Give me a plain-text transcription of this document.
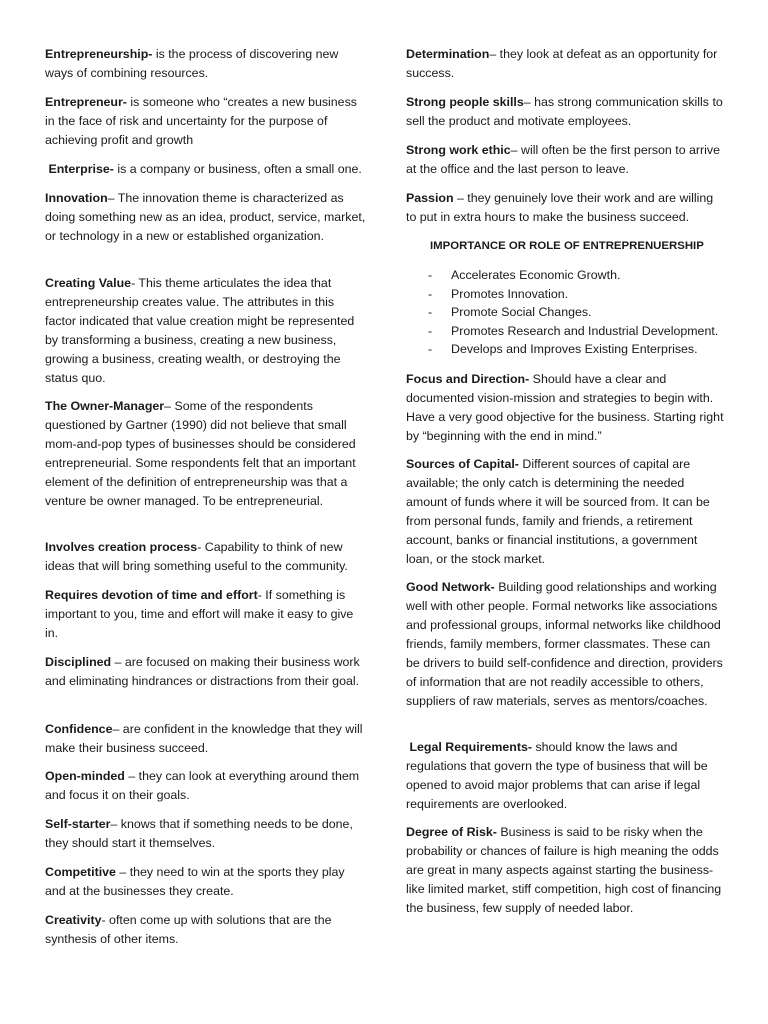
Entrepreneurship- is the process of discovering new ways of combining resources.

Entrepreneur- is someone who “creates a new business in the face of risk and uncertainty for the purpose of achieving profit and growth

Enterprise- is a company or business, often a small one.

Innovation– The innovation theme is characterized as doing something new as an idea, product, service, market, or technology in a new or established organization.

Creating Value- This theme articulates the idea that entrepreneurship creates value. The attributes in this factor indicated that value creation might be represented by transforming a business, creating a new business, growing a business, creating wealth, or destroying the status quo.

The Owner-Manager– Some of the respondents questioned by Gartner (1990) did not believe that small mom-and-pop types of businesses should be considered entrepreneurial. Some respondents felt that an important element of the definition of entrepreneurship was that a venture be owner managed. To be entrepreneurial.

Involves creation process- Capability to think of new ideas that will bring something useful to the community.

Requires devotion of time and effort- If something is important to you, time and effort will make it easy to give in.

Disciplined – are focused on making their business work and eliminating hindrances or distractions from their goal.

Confidence– are confident in the knowledge that they will make their business succeed.

Open-minded – they can look at everything around them and focus it on their goals.

Self-starter– knows that if something needs to be done, they should start it themselves.

Competitive – they need to win at the sports they play and at the businesses they create.

Creativity- often come up with solutions that are the synthesis of other items.

Determination– they look at defeat as an opportunity for success.

Strong people skills– has strong communication skills to sell the product and motivate employees.

Strong work ethic– will often be the first person to arrive at the office and the last person to leave.

Passion – they genuinely love their work and are willing to put in extra hours to make the business succeed.

IMPORTANCE OR ROLE OF ENTREPRENUERSHIP

- Accelerates Economic Growth.
- Promotes Innovation.
- Promote Social Changes.
- Promotes Research and Industrial Development.
- Develops and Improves Existing Enterprises.

Focus and Direction- Should have a clear and documented vision-mission and strategies to begin with. Have a very good objective for the business. Starting right by “beginning with the end in mind.”

Sources of Capital- Different sources of capital are available; the only catch is determining the needed amount of funds where it will be sourced from. It can be from personal funds, family and friends, a retirement account, banks or financial institutions, a government loan, or the stock market.

Good Network- Building good relationships and working well with other people. Formal networks like associations and professional groups, informal networks like childhood friends, family members, former classmates. These can be drivers to build self-confidence and direction, providers of information that are not readily accessible to others, suppliers of raw materials, serves as mentors/coaches.

Legal Requirements- should know the laws and regulations that govern the type of business that will be opened to avoid major problems that can arise if legal requirements are overlooked.

Degree of Risk- Business is said to be risky when the probability or chances of failure is high meaning the odds are great in many aspects against starting the business-like limited market, stiff competition, high cost of financing the business, few supply of needed labor.
